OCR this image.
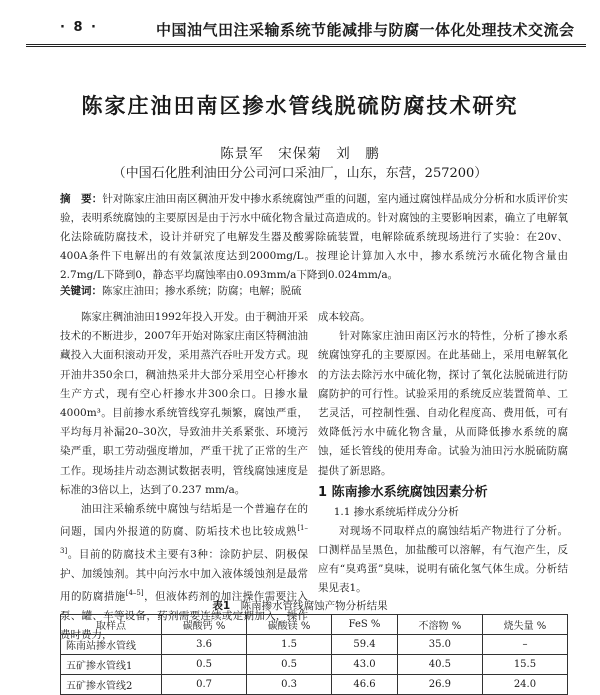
· 8 ·	中国油气田注采输系统节能减排与防腐一体化处理技术交流会
陈家庄油田南区掺水管线脱硫防腐技术研究
陈景军　宋保菊　刘　鹏
（中国石化胜利油田分公司河口采油厂，山东，东营，257200）
摘　要：针对陈家庄油田南区稠油开发中掺水系统腐蚀严重的问题，室内通过腐蚀样品成分分析和水质评价实验，表明系统腐蚀的主要原因是由于污水中硫化物含量过高造成的。针对腐蚀的主要影响因素，确立了电解氧化法除硫防腐技术，设计并研究了电解发生器及酸雾除硫装置，电解除硫系统现场进行了实验：在20v、400A条件下电解出的有效氯浓度达到2000mg/L。按理论计算加入水中，掺水系统污水硫化物含量由2.7mg/L下降到0，静态平均腐蚀率由0.093mm/a下降到0.024mm/a。
关键词：陈家庄油田；掺水系统；防腐；电解；脱硫

陈家庄稠油油田1992年投入开发。由于稠油开采技术的不断进步，2007年开始对陈家庄南区特稠油油藏投入大面积滚动开发，采用蒸汽吞吐开发方式。现开油井350余口，稠油热采井大部分采用空心杆掺水生产方式，现有空心杆掺水井300余口。日掺水量4000m³。目前掺水系统管线穿孔频繁，腐蚀严重，平均每月补漏20–30次，导致油井关系紧张、环境污染严重，职工劳动强度增加，严重干扰了正常的生产工作。现场挂片动态测试数据表明，管线腐蚀速度是标准的3倍以上，达到了0.237 mm/a。

油田注采输系统中腐蚀与结垢是一个普遍存在的问题，国内外报道的防腐、防垢技术也比较成熟[1–3]。目前的防腐技术主要有3种：涂防护层、阴极保护、加缓蚀剂。其中向污水中加入液体缓蚀剂是最常用的防腐措施[4–5]，但液体药剂的加注操作需要注入泵、罐、车等设备，药剂需要连续或定期加入，操作费时费力，

成本较高。

针对陈家庄油田南区污水的特性，分析了掺水系统腐蚀穿孔的主要原因。在此基础上，采用电解氧化的方法去除污水中硫化物，探讨了氧化法脱硫进行防腐防护的可行性。试验采用的系统反应装置简单、工艺灵活，可控制性强、自动化程度高、费用低，可有效降低污水中硫化物含量，从而降低掺水系统的腐蚀，延长管线的使用寿命。试验为油田污水脱硫防腐提供了新思路。

1 陈南掺水系统腐蚀因素分析
1.1 掺水系统垢样成分分析

对现场不同取样点的腐蚀结垢产物进行了分析。口测样品呈黑色，加盐酸可以溶解，有气泡产生，反应有“臭鸡蛋”臭味，说明有硫化氢气体生成。分析结果见表1。

表1　 陈南掺水管线腐蚀产物分析结果
取样点	碳酸钙 %	碳酸镁 %	FeS %	不溶物 %	烧失量 %
陈南站掺水管线	3.6	1.5	59.4	35.0	–
五矿掺水管线1	0.5	0.5	43.0	40.5	15.5
五矿掺水管线2	0.7	0.3	46.6	26.9	24.0
